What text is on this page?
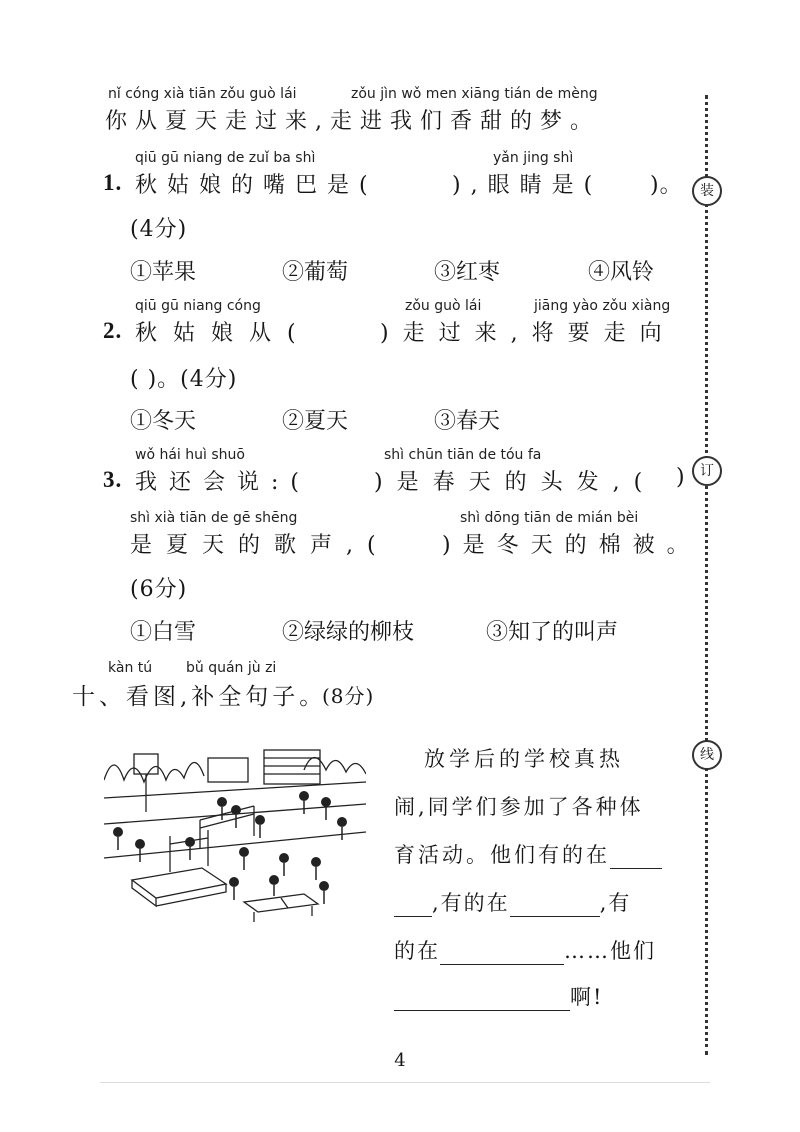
装
订
线
nǐ cóng xià tiān zǒu guò lái	zǒu jìn wǒ men xiāng tián de mèng
你从夏天走过来,走进我们香甜的梦。
qiū gū niang de zuǐ ba shì	yǎn jing shì
1. 秋姑娘的嘴巴是(	),眼睛是( )。
(4分)
①苹果	②葡萄	③红枣	④风铃
qiū gū niang cóng	zǒu guò lái	jiāng yào zǒu xiàng
2. 秋姑娘从(	)走过来,将要走向
( )。(4分)
①冬天	②夏天	③春天
wǒ hái huì shuō	shì chūn tiān de tóu fa
3. 我还会说:(	)是春天的头发,( )
shì xià tiān de gē shēng	shì dōng tiān de mián bèi
是夏天的歌声,( )是冬天的棉被。
(6分)
①白雪	②绿绿的柳枝	③知了的叫声
kàn tú bǔ quán jù zi
十、看图,补全句子。
(8分)
放学后的学校真热
闹,同学们参加了各种体
育活动。他们有的在
,有的在	,有
的在	……他们
啊!
4
